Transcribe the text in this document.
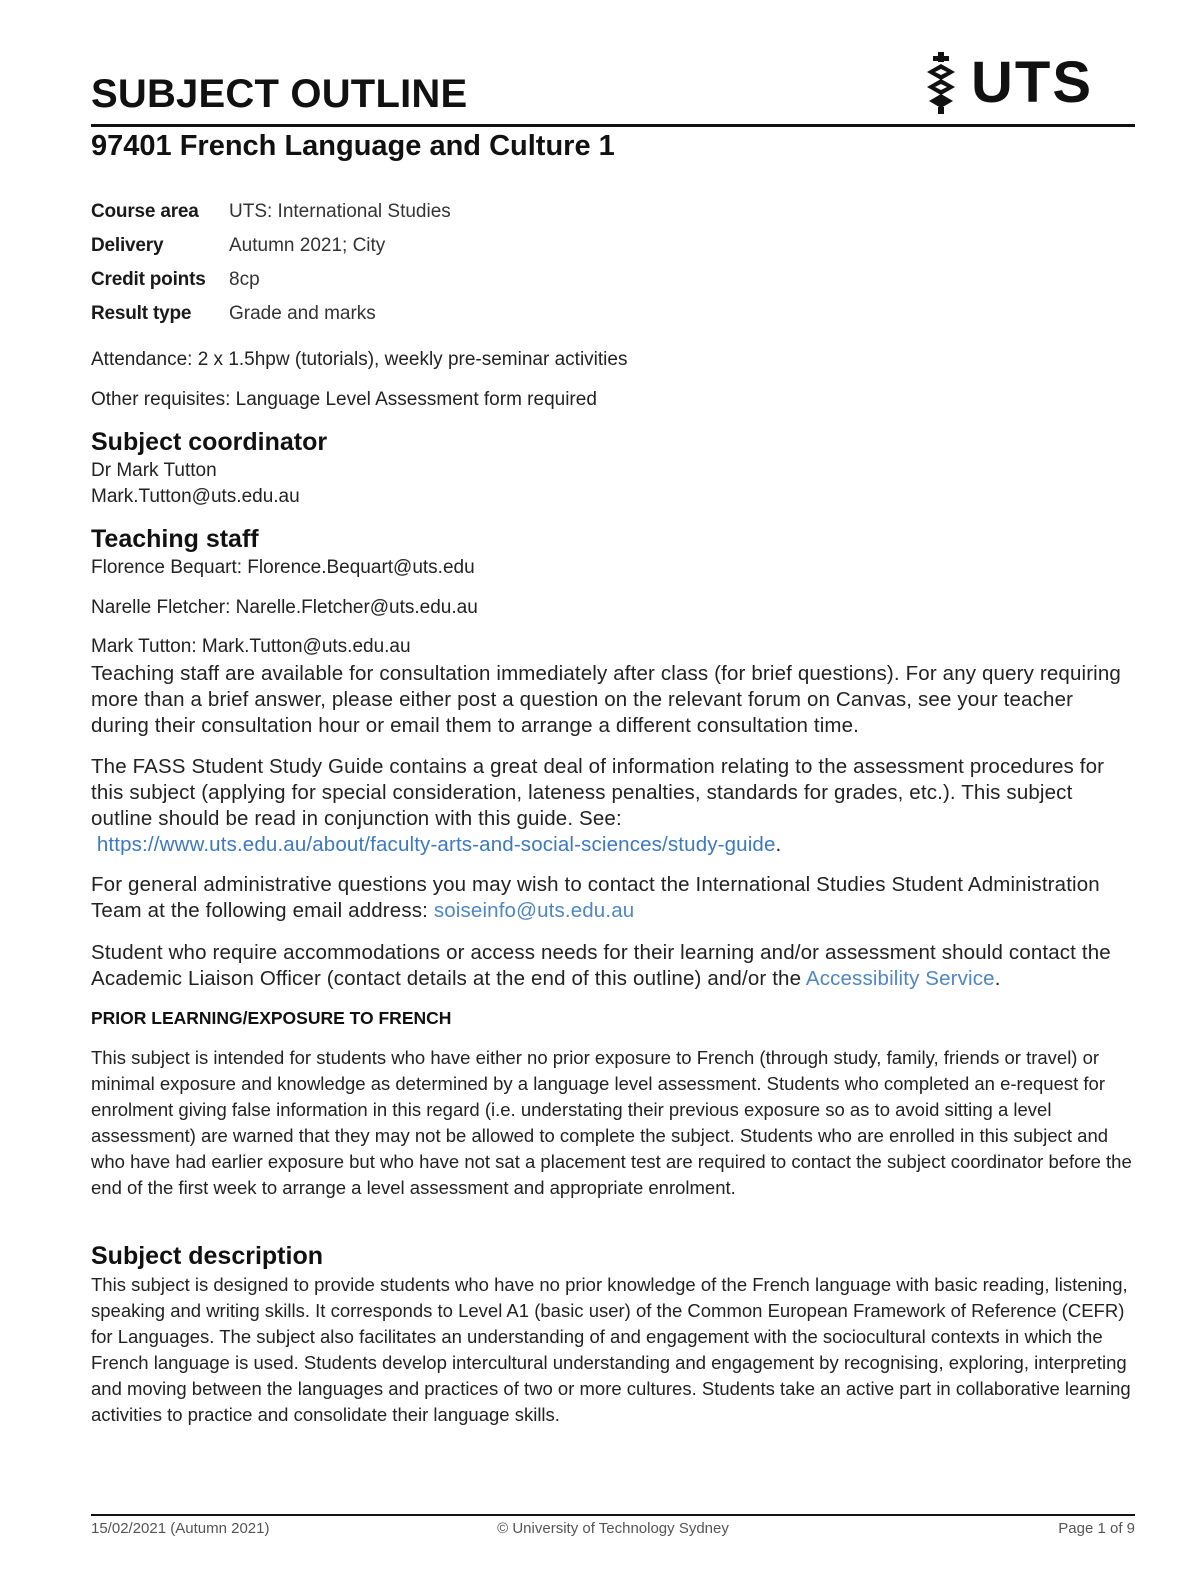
SUBJECT OUTLINE	UTS
97401 French Language and Culture 1
Course area	UTS: International Studies
Delivery	Autumn 2021; City
Credit points	8cp
Result type	Grade and marks

Attendance: 2 x 1.5hpw (tutorials), weekly pre-seminar activities

Other requisites: Language Level Assessment form required

Subject coordinator

Dr Mark Tutton

Mark.Tutton@uts.edu.au

Teaching staff

Florence Bequart: Florence.Bequart@uts.edu

Narelle Fletcher: Narelle.Fletcher@uts.edu.au

Mark Tutton: Mark.Tutton@uts.edu.au

Teaching staff are available for consultation immediately after class (for brief questions). For any query requiring more than a brief answer, please either post a question on the relevant forum on Canvas, see your teacher during their consultation hour or email them to arrange a different consultation time.

The FASS Student Study Guide contains a great deal of information relating to the assessment procedures for this subject (applying for special consideration, lateness penalties, standards for grades, etc.). This subject outline should be read in conjunction with this guide. See:
https://www.uts.edu.au/about/faculty-arts-and-social-sciences/study-guide.

For general administrative questions you may wish to contact the International Studies Student Administration Team at the following email address: soiseinfo@uts.edu.au

Student who require accommodations or access needs for their learning and/or assessment should contact the Academic Liaison Officer (contact details at the end of this outline) and/or the Accessibility Service.

PRIOR LEARNING/EXPOSURE TO FRENCH

This subject is intended for students who have either no prior exposure to French (through study, family, friends or travel) or minimal exposure and knowledge as determined by a language level assessment. Students who completed an e-request for enrolment giving false information in this regard (i.e. understating their previous exposure so as to avoid sitting a level assessment) are warned that they may not be allowed to complete the subject. Students who are enrolled in this subject and who have had earlier exposure but who have not sat a placement test are required to contact the subject coordinator before the end of the first week to arrange a level assessment and appropriate enrolment.

Subject description

This subject is designed to provide students who have no prior knowledge of the French language with basic reading, listening, speaking and writing skills. It corresponds to Level A1 (basic user) of the Common European Framework of Reference (CEFR) for Languages. The subject also facilitates an understanding of and engagement with the sociocultural contexts in which the French language is used. Students develop intercultural understanding and engagement by recognising, exploring, interpreting and moving between the languages and practices of two or more cultures. Students take an active part in collaborative learning activities to practice and consolidate their language skills.

© University of Technology Sydney
15/02/2021 (Autumn 2021)	Page 1 of 9
